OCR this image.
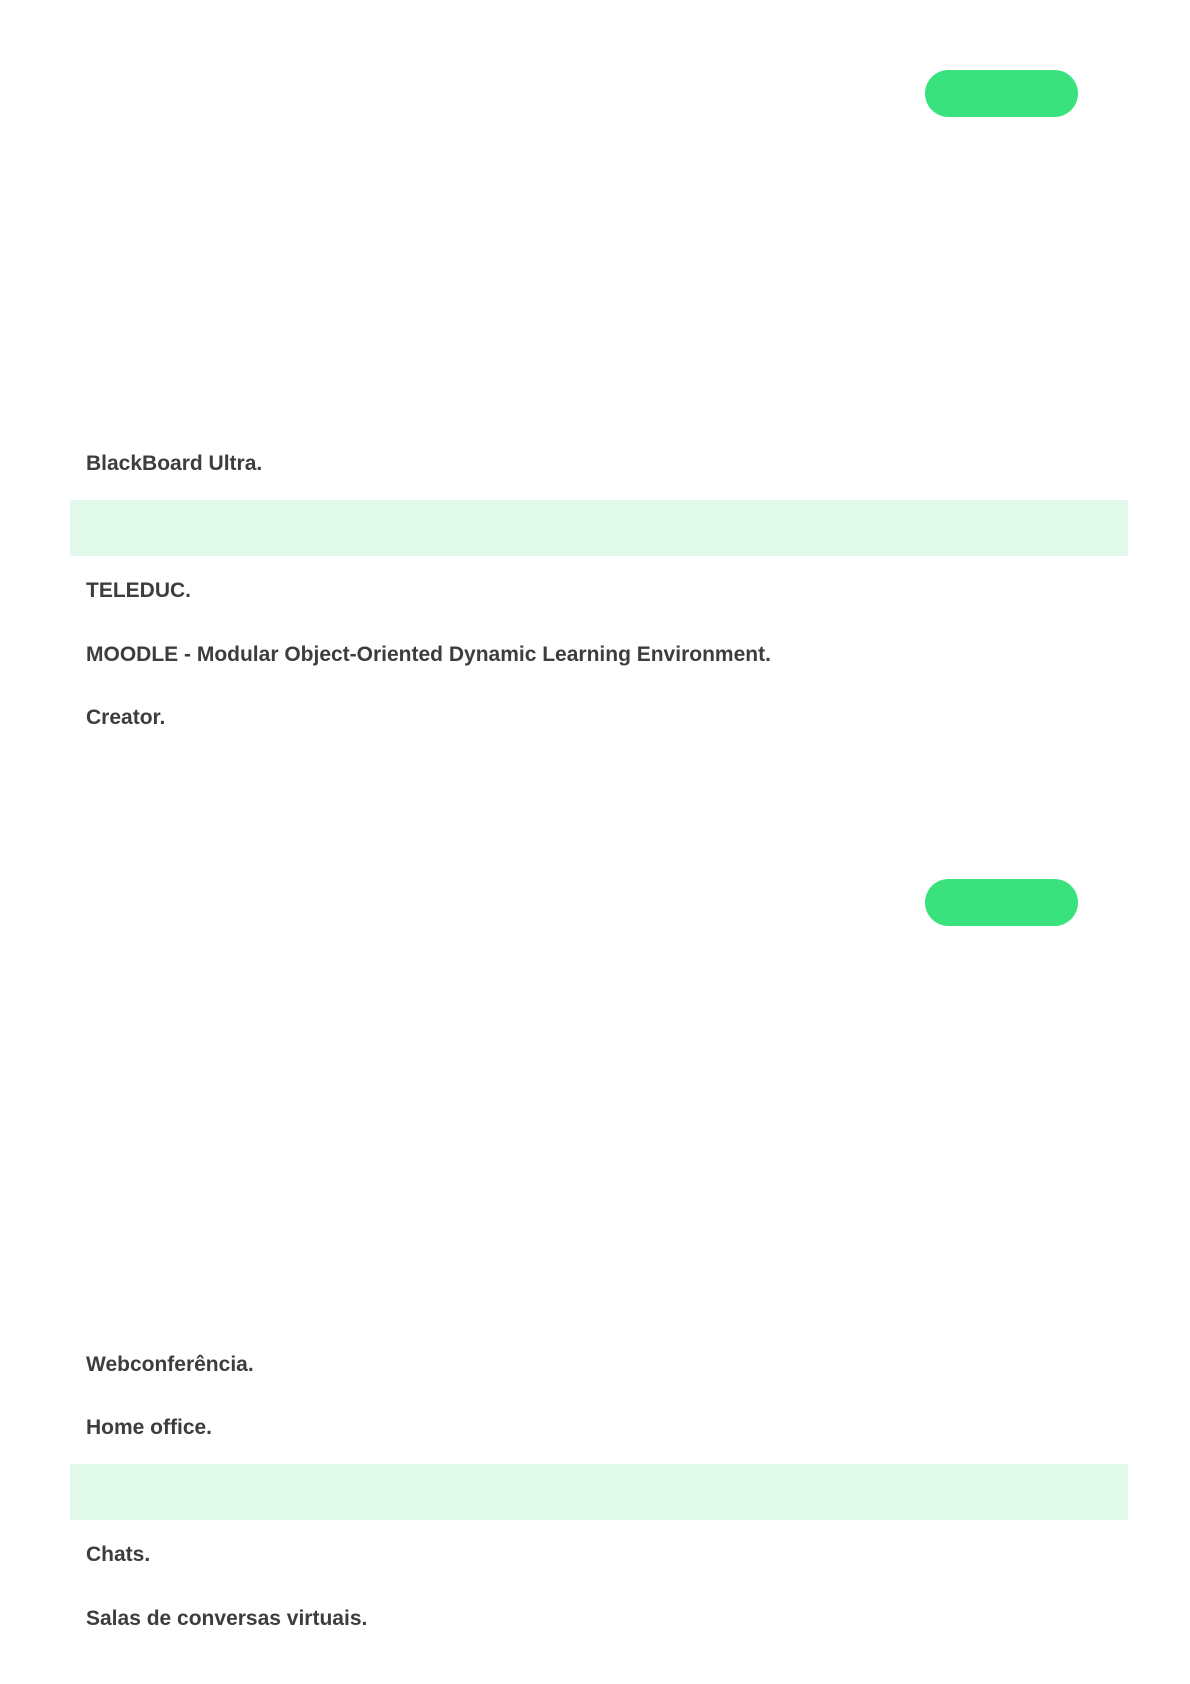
BlackBoard Ultra.
TELEDUC.
MOODLE - Modular Object-Oriented Dynamic Learning Environment.
Creator.
Webconferência.
Home office.
Chats.
Salas de conversas virtuais.
